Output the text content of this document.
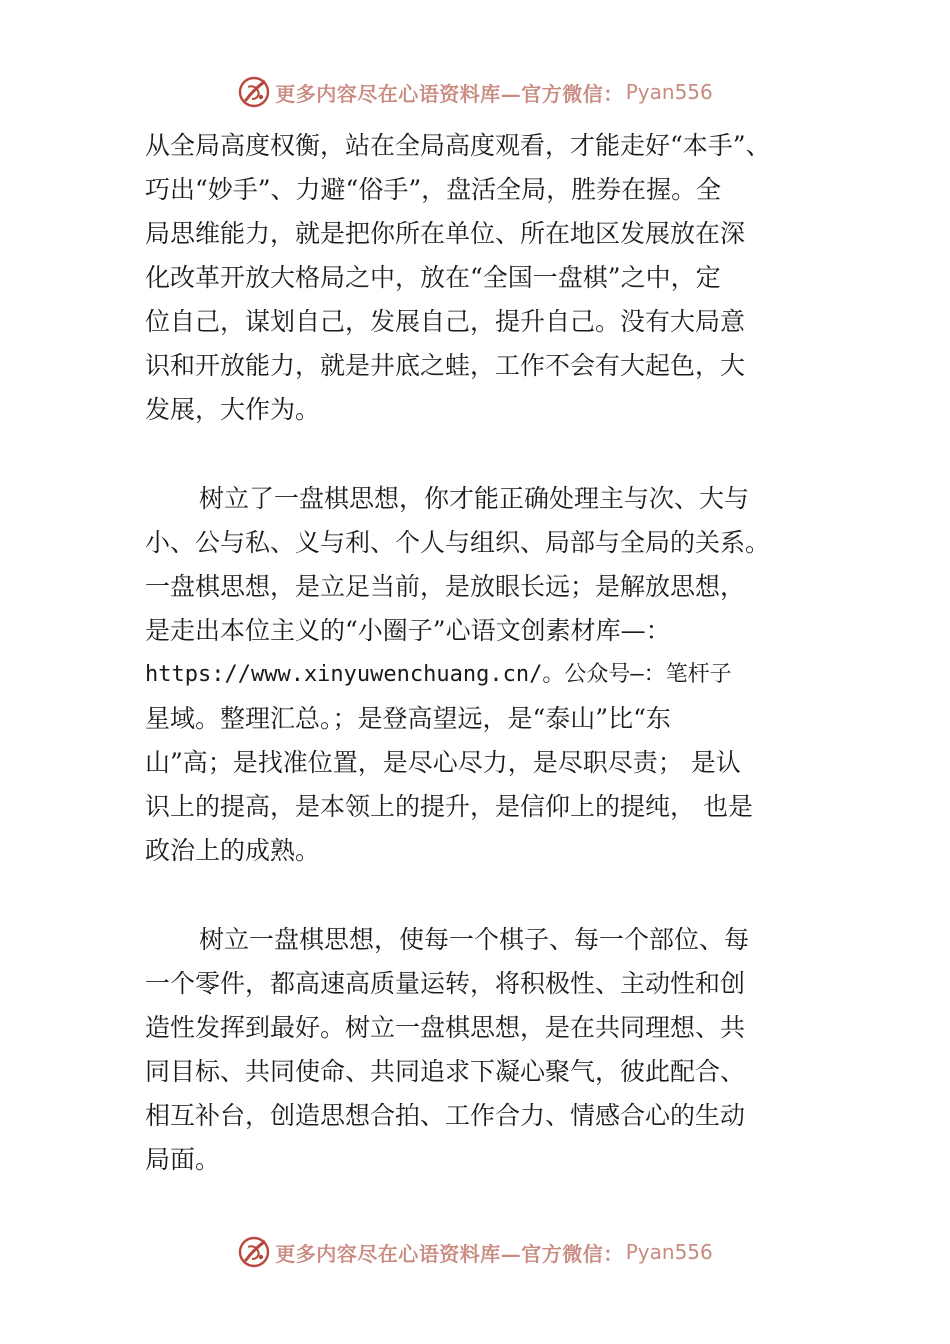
更多内容尽在心语资料库—官方微信： Pyan556
从全局高度权衡，站在全局高度观看，才能走好“本手”、
巧出“妙手”、力避“俗手”，盘活全局，胜券在握。全
局思维能力，就是把你所在单位、所在地区发展放在深
化改革开放大格局之中，放在“全国一盘棋”之中，定
位自己，谋划自己，发展自己，提升自己。没有大局意
识和开放能力，就是井底之蛙，工作不会有大起色，大
发展，大作为。
树立了一盘棋思想，你才能正确处理主与次、大与
小、公与私、义与利、个人与组织、局部与全局的关系。
一盘棋思想，是立足当前，是放眼长远；是解放思想，
是走出本位主义的“小圈子”心语文创素材库—：
https://www.xinyuwenchuang.cn/。公众号—：笔杆子
星域。整理汇总。；是登高望远，是“泰山”比“东
山”高；是找准位置，是尽心尽力，是尽职尽责； 是认
识上的提高，是本领上的提升，是信仰上的提纯， 也是
政治上的成熟。
树立一盘棋思想，使每一个棋子、每一个部位、每
一个零件，都高速高质量运转，将积极性、主动性和创
造性发挥到最好。树立一盘棋思想，是在共同理想、共
同目标、共同使命、共同追求下凝心聚气，彼此配合、
相互补台，创造思想合拍、工作合力、情感合心的生动
局面。
更多内容尽在心语资料库—官方微信： Pyan556
